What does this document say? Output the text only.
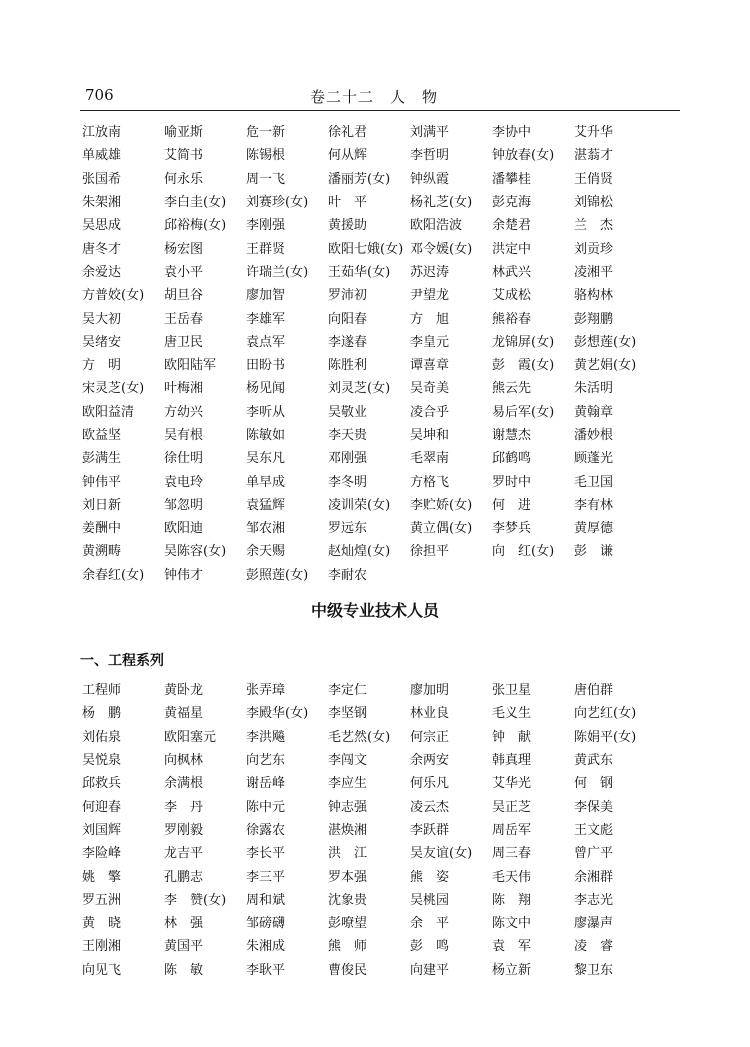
706	卷二十二　人　物
江放南	喻亚斯	危一新	徐礼君	刘满平	李协中	艾升华
单威雄	艾简书	陈锡根	何从辉	李哲明	钟放春(女)	湛蓊才
张国希	何永乐	周一飞	潘丽芳(女)	钟纵霞	潘攀桂	王俏贤
朱架湘	李白圭(女)	刘赛珍(女)	叶　平	杨礼芝(女)	彭克海	刘锦松
吴思成	邱裕梅(女)	李刚强	黄援助	欧阳浩波	余楚君	兰　杰
唐冬才	杨宏图	王群贤	欧阳七娥(女) 邓令媛(女)	洪定中	刘贡珍
余爱达	袁小平	许瑞兰(女)	王茹华(女)	苏迟涛	林武兴	凌湘平
方普姣(女)	胡旦谷	廖加智	罗沛初	尹望龙	艾成松	骆构林
吴大初	王岳春	李雄军	向阳春	方　旭	熊裕春	彭翔鹏
吴绪安	唐卫民	袁点军	李遂春	李皇元	龙锦屏(女)	彭想莲(女)
方　明	欧阳陆军	田盼书	陈胜利	谭喜章	彭　霞(女)	黄艺娟(女)
宋灵芝(女)	叶梅湘	杨见闻	刘灵芝(女)	吴奇美	熊云先	朱活明
欧阳益清	方幼兴	李听从	吴敬业	凌合乎	易后军(女)	黄翰章
欧益坚	吴有根	陈敏如	李天贵	吴坤和	谢慧杰	潘妙根
彭满生	徐仕明	吴东凡	邓刚强	毛翠南	邱鹤鸣	顾蓬光
钟伟平	袁电玲	单早成	李冬明	方格飞	罗时中	毛卫国
刘日新	邹忽明	袁猛辉	凌训荣(女)	李贮娇(女)	何　进	李有林
姜酬中	欧阳迪	邹农湘	罗远东	黄立偶(女)	李梦兵	黄厚德
黄溯畴	吴陈容(女)	余天赐	赵灿煌(女)	徐担平	向　红(女)	彭　谦
余春红(女)	钟伟才	彭照莲(女)	李耐农
中级专业技术人员
一、工程系列
工程师	黄卧龙	张弄璋	李定仁	廖加明	张卫星	唐伯群
杨　鹏	黄福星	李殿华(女)	李坚钢	林业良	毛义生	向艺红(女)
刘佑泉	欧阳塞元	李洪飚	毛艺然(女)	何宗正	钟　献	陈娟平(女)
吴悦泉	向枫林	向艺东	李闯文	余两安	韩真理	黄武东
邱救兵	余满根	谢岳峰	李应生	何乐凡	艾华光	何　钢
何迎春	李　丹	陈中元	钟志强	凌云杰	吴正芝	李保美
刘国辉	罗刚毅	徐露农	湛焕湘	李跃群	周岳军	王文彪
李险峰	龙吉平	李长平	洪　江	吴友谊(女)	周三春	曾广平
姚　擎	孔鹏志	李三平	罗本强	熊　姿	毛天伟	余湘群
罗五洲	李　赞(女)	周和斌	沈象贵	吴桃园	陈　翔	李志光
黄　晓	林　强	邹磅礴	彭嘹望	余　平	陈文中	廖瀑声
王刚湘	黄国平	朱湘成	熊　师	彭　鸣	袁　军	凌　睿
向见飞	陈　敏	李耿平	曹俊民	向建平	杨立新	黎卫东
